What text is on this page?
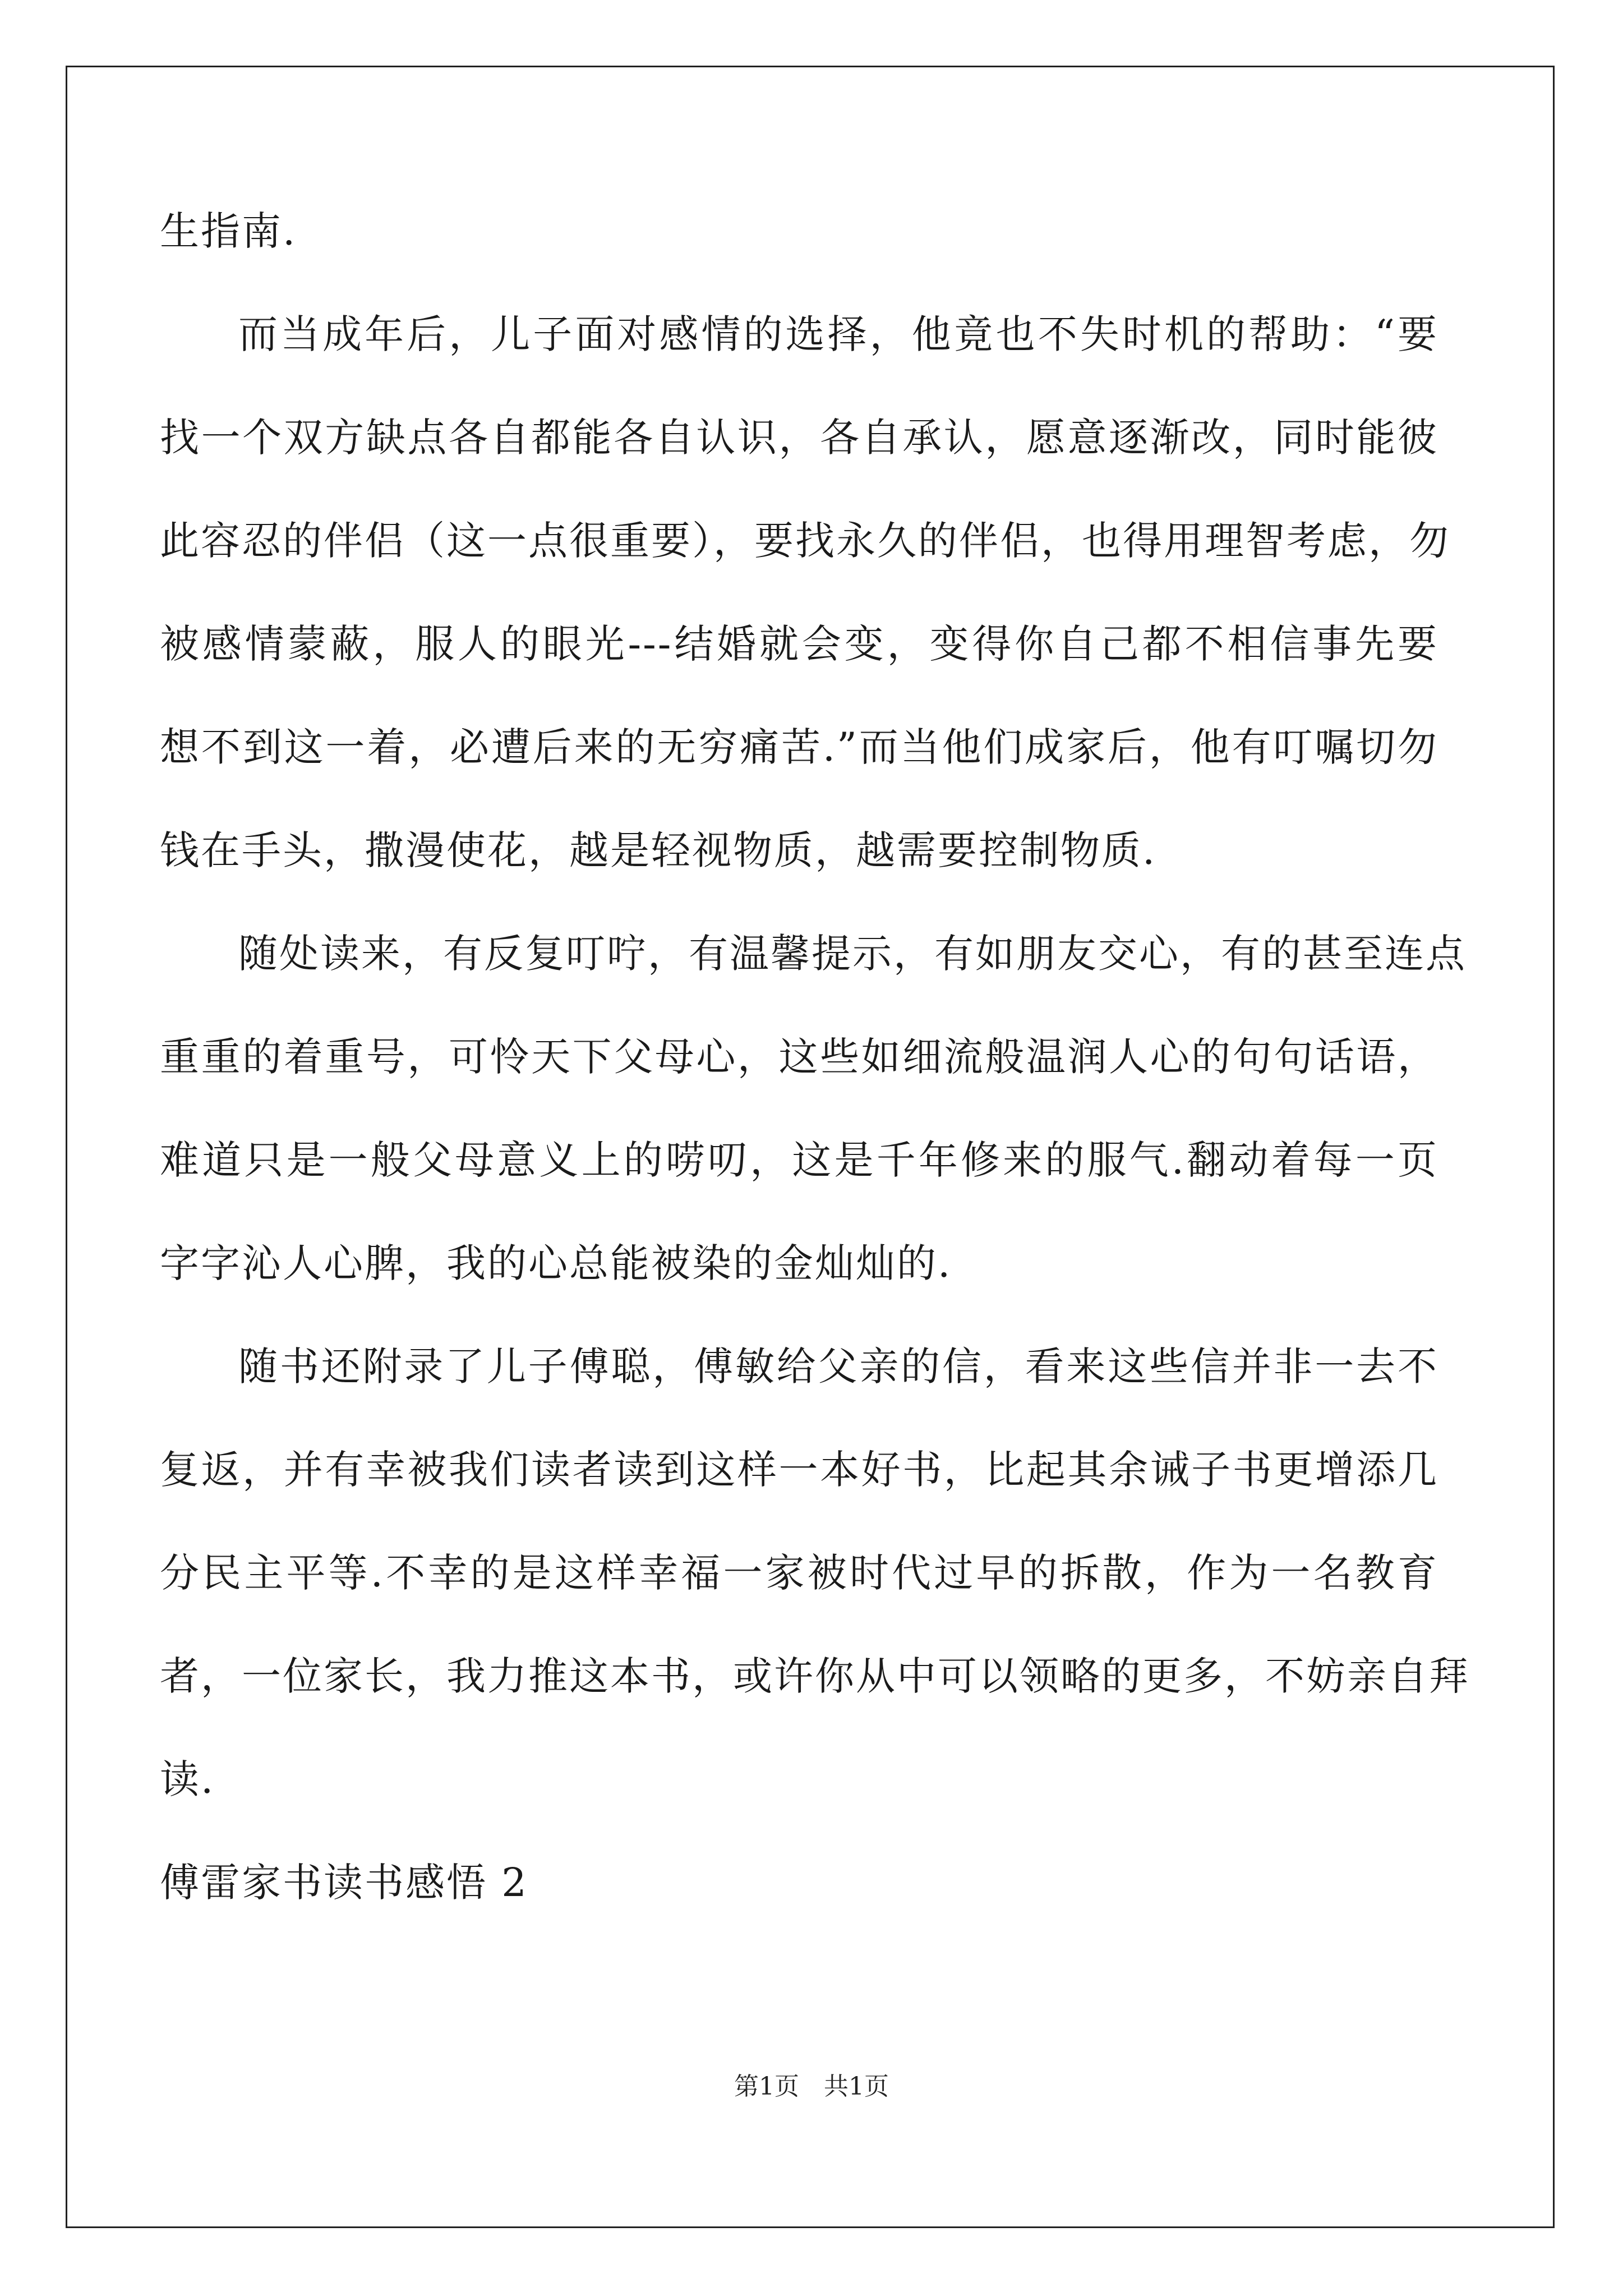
生指南.
而当成年后，儿子面对感情的选择，他竟也不失时机的帮助：“要
找一个双方缺点各自都能各自认识，各自承认，愿意逐渐改，同时能彼
此容忍的伴侣（这一点很重要），要找永久的伴侣，也得用理智考虑，勿
被感情蒙蔽，服人的眼光---结婚就会变，变得你自己都不相信事先要
想不到这一着，必遭后来的无穷痛苦.”而当他们成家后，他有叮嘱切勿
钱在手头，撒漫使花，越是轻视物质，越需要控制物质.
随处读来，有反复叮咛，有温馨提示，有如朋友交心，有的甚至连点
重重的着重号，可怜天下父母心，这些如细流般温润人心的句句话语，
难道只是一般父母意义上的唠叨，这是千年修来的服气.翻动着每一页
字字沁人心脾，我的心总能被染的金灿灿的.
随书还附录了儿子傅聪，傅敏给父亲的信，看来这些信并非一去不
复返，并有幸被我们读者读到这样一本好书，比起其余诫子书更增添几
分民主平等.不幸的是这样幸福一家被时代过早的拆散，作为一名教育
者，一位家长，我力推这本书，或许你从中可以领略的更多，不妨亲自拜
读.
傅雷家书读书感悟 2
第1页　共1页
